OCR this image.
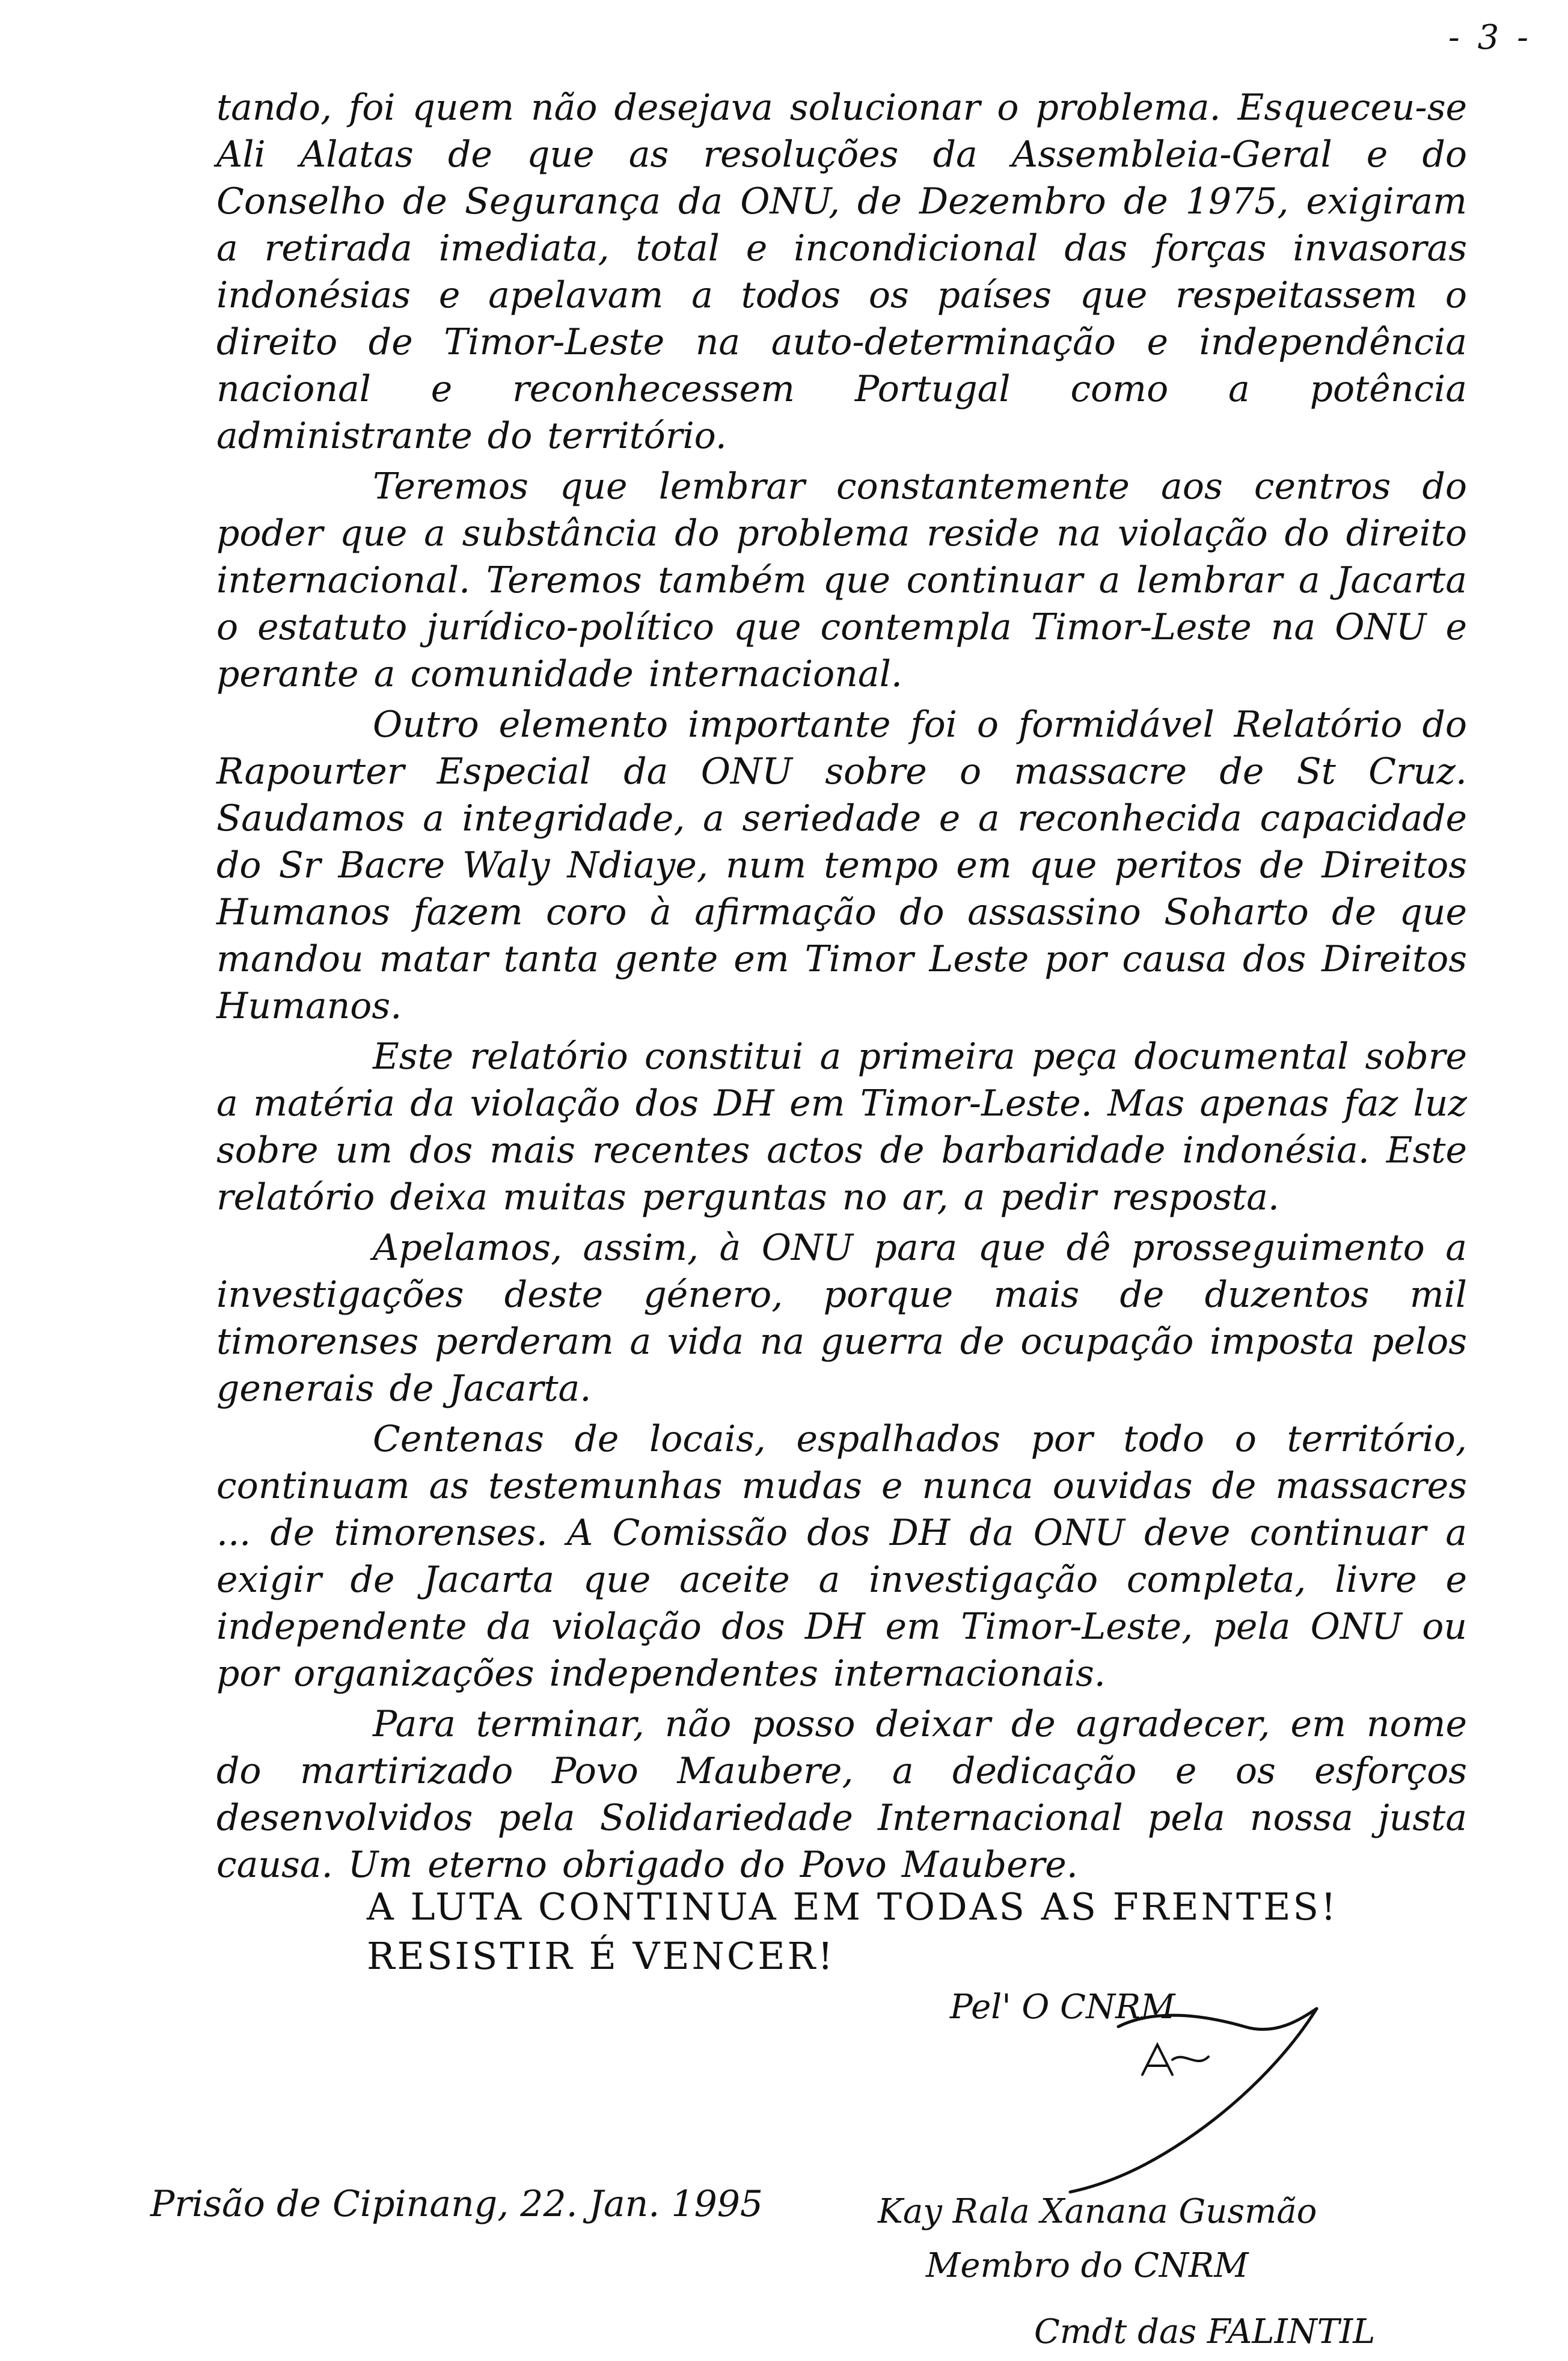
- 3 -

tando, foi quem não desejava solucionar o problema. Esqueceu-se Ali Alatas de que as resoluções da Assembleia-Geral e do Conselho de Segurança da ONU, de Dezembro de 1975, exigiram a retirada imediata, total e incondicional das forças invasoras indonésias e apelavam a todos os países que respeitassem o direito de Timor-Leste na auto-determinação e independência nacional e reconhecessem Portugal como a potência administrante do território.

Teremos que lembrar constantemente aos centros do poder que a substância do problema reside na violação do direito internacional. Teremos também que continuar a lembrar a Jacarta o estatuto jurídico-político que contempla Timor-Leste na ONU e perante a comunidade internacional.

Outro elemento importante foi o formidável Relatório do Rapourter Especial da ONU sobre o massacre de St Cruz. Saudamos a integridade, a seriedade e a reconhecida capacidade do Sr Bacre Waly Ndiaye, num tempo em que peritos de Direitos Humanos fazem coro à afirmação do assassino Soharto de que mandou matar tanta gente em Timor Leste por causa dos Direitos Humanos.

Este relatório constitui a primeira peça documental sobre a matéria da violação dos DH em Timor-Leste. Mas apenas faz luz sobre um dos mais recentes actos de barbaridade indonésia. Este relatório deixa muitas perguntas no ar, a pedir resposta.

Apelamos, assim, à ONU para que dê prosseguimento a investigações deste género, porque mais de duzentos mil timorenses perderam a vida na guerra de ocupação imposta pelos generais de Jacarta.

Centenas de locais, espalhados por todo o território, continuam as testemunhas mudas e nunca ouvidas de massacres ... de timorenses. A Comissão dos DH da ONU deve continuar a exigir de Jacarta que aceite a investigação completa, livre e independente da violação dos DH em Timor-Leste, pela ONU ou por organizações independentes internacionais.

Para terminar, não posso deixar de agradecer, em nome do martirizado Povo Maubere, a dedicação e os esforços desenvolvidos pela Solidariedade Internacional pela nossa justa causa. Um eterno obrigado do Povo Maubere.

A LUTA CONTINUA EM TODAS AS FRENTES!
RESISTIR É VENCER!
Pel' O CNRM
Kay Rala Xanana Gusmão
Membro do CNRM
Cmdt das FALINTIL
Prisão de Cipinang, 22. Jan. 1995
